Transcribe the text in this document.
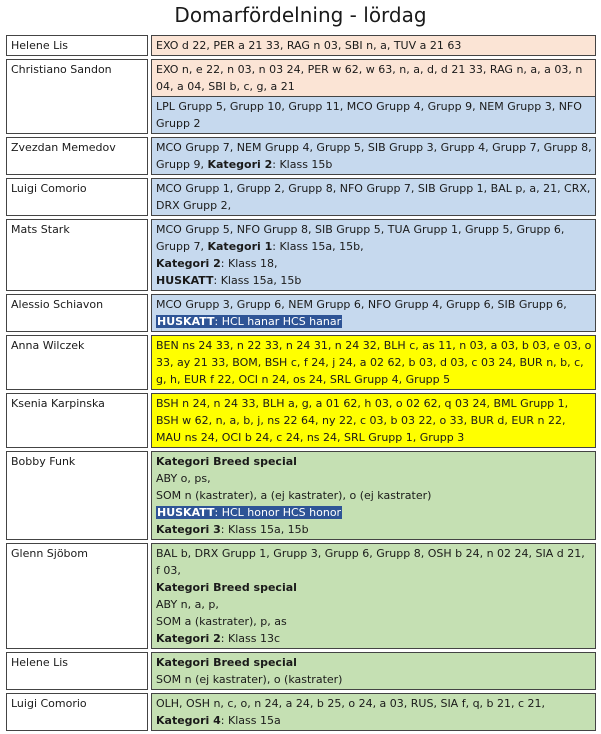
Domarfördelning - lördag
Helene Lis		EXO d 22, PER a 21 33, RAG n 03, SBI n, a, TUV a 21 63
Christiano Sandon		EXO n, e 22, n 03, n 03 24, PER w 62, w 63, n, a, d, d 21 33, RAG n, a, a 03, n 04, a 04, SBI b, c, g, a 21
LPL Grupp 5, Grupp 10, Grupp 11, MCO Grupp 4, Grupp 9, NEM Grupp 3, NFO Grupp 2

Zvezdan Memedov		MCO Grupp 7, NEM Grupp 4, Grupp 5, SIB Grupp 3, Grupp 4, Grupp 7, Grupp 8, Grupp 9, Kategori 2: Klass 15b
Luigi Comorio		MCO Grupp 1, Grupp 2, Grupp 8, NFO Grupp 7, SIB Grupp 1, BAL p, a, 21, CRX, DRX Grupp 2,
Mats Stark		MCO Grupp 5, NFO Grupp 8, SIB Grupp 5, TUA Grupp 1, Grupp 5, Grupp 6, Grupp 7, Kategori 1: Klass 15a, 15b,
Kategori 2: Klass 18,
HUSKATT: Klass 15a, 15b
Alessio Schiavon		MCO Grupp 3, Grupp 6, NEM Grupp 6, NFO Grupp 4, Grupp 6, SIB Grupp 6,
HUSKATT: HCL hanar HCS hanar
Anna Wilczek		BEN ns 24 33, n 22 33, n 24 31, n 24 32, BLH c, as 11, n 03, a 03, b 03, e 03, o 33, ay 21 33, BOM, BSH c, f 24, j 24, a 02 62, b 03, d 03, c 03 24, BUR n, b, c, g, h, EUR f 22, OCI n 24, os 24, SRL Grupp 4, Grupp 5
Ksenia Karpinska		BSH n 24, n 24 33, BLH a, g, a 01 62, h 03, o 02 62, q 03 24, BML Grupp 1, BSH w 62, n, a, b, j, ns 22 64, ny 22, c 03, b 03 22, o 33, BUR d, EUR n 22, MAU ns 24, OCI b 24, c 24, ns 24, SRL Grupp 1, Grupp 3
Bobby Funk		Kategori Breed special
ABY o, ps,
SOM n (kastrater), a (ej kastrater), o (ej kastrater)
HUSKATT: HCL honor HCS honor
Kategori 3: Klass 15a, 15b
Glenn Sjöbom		BAL b, DRX Grupp 1, Grupp 3, Grupp 6, Grupp 8, OSH b 24, n 02 24, SIA d 21, f 03,
Kategori Breed special
ABY n, a, p,
SOM a (kastrater), p, as
Kategori 2: Klass 13c
Helene Lis		Kategori Breed special
SOM n (ej kastrater), o (kastrater)
Luigi Comorio		OLH, OSH n, c, o, n 24, a 24, b 25, o 24, a 03, RUS, SIA f, q, b 21, c 21,
Kategori 4: Klass 15a
